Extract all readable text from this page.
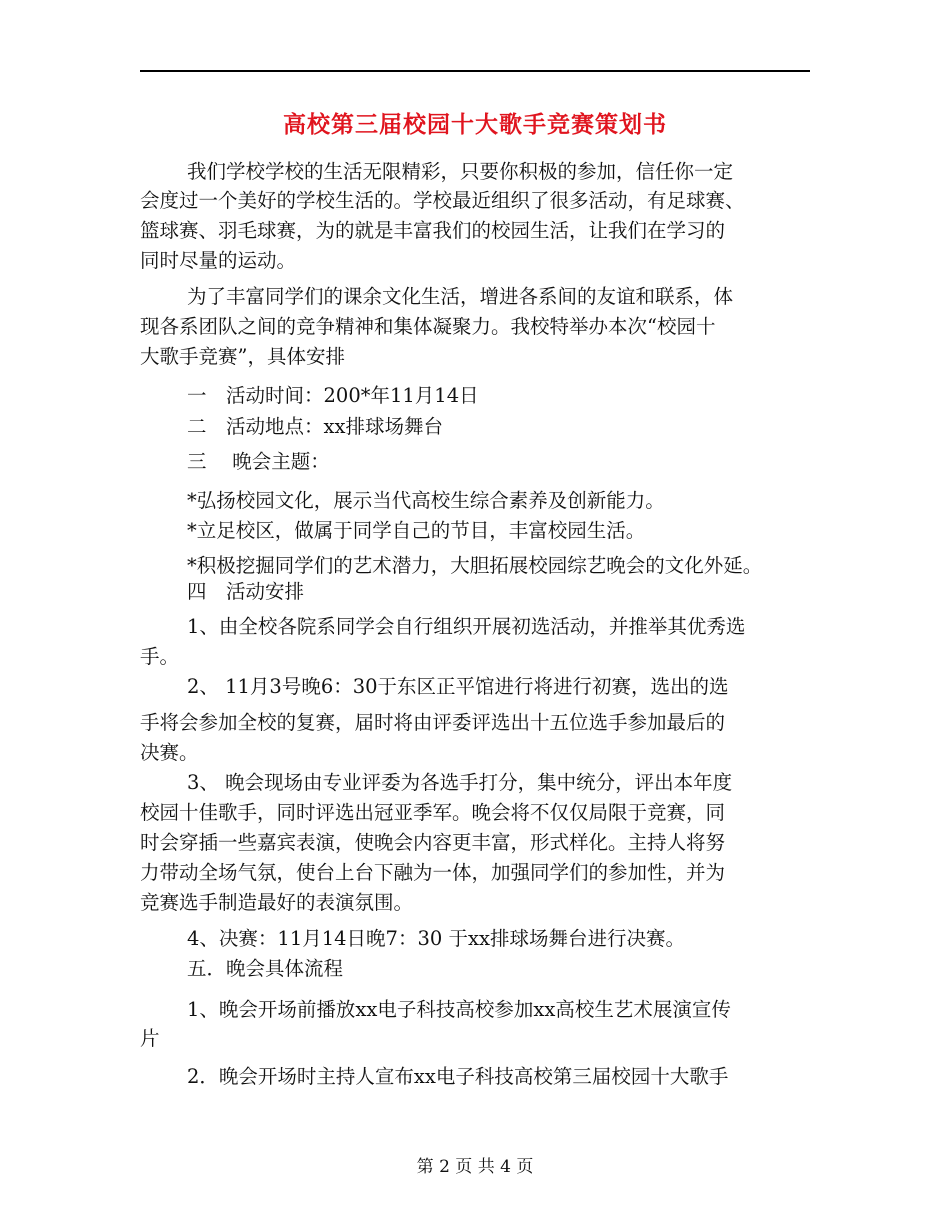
高校第三届校园十大歌手竞赛策划书
我们学校学校的生活无限精彩，只要你积极的参加，信任你一定
会度过一个美好的学校生活的。学校最近组织了很多活动，有足球赛、
篮球赛、羽毛球赛，为的就是丰富我们的校园生活，让我们在学习的
同时尽量的运动。
为了丰富同学们的课余文化生活，增进各系间的友谊和联系，体
现各系团队之间的竞争精神和集体凝聚力。我校特举办本次“校园十
大歌手竞赛”，具体安排
一　活动时间：200*年11月14日
二　活动地点：xx排球场舞台
三　 晚会主题：
*弘扬校园文化，展示当代高校生综合素养及创新能力。
*立足校区，做属于同学自己的节目，丰富校园生活。
*积极挖掘同学们的艺术潜力，大胆拓展校园综艺晚会的文化外延。
四　活动安排
1、由全校各院系同学会自行组织开展初选活动，并推举其优秀选
手。
2、 11月3号晚6：30于东区正平馆进行将进行初赛，选出的选
手将会参加全校的复赛，届时将由评委评选出十五位选手参加最后的
决赛。
3、 晚会现场由专业评委为各选手打分，集中统分，评出本年度
校园十佳歌手，同时评选出冠亚季军。晚会将不仅仅局限于竞赛，同
时会穿插一些嘉宾表演，使晚会内容更丰富，形式样化。主持人将努
力带动全场气氛，使台上台下融为一体，加强同学们的参加性，并为
竞赛选手制造最好的表演氛围。
4、决赛：11月14日晚7：30 于xx排球场舞台进行决赛。
五．晚会具体流程
1、晚会开场前播放xx电子科技高校参加xx高校生艺术展演宣传
片
2．晚会开场时主持人宣布xx电子科技高校第三届校园十大歌手
第 2 页 共 4 页
